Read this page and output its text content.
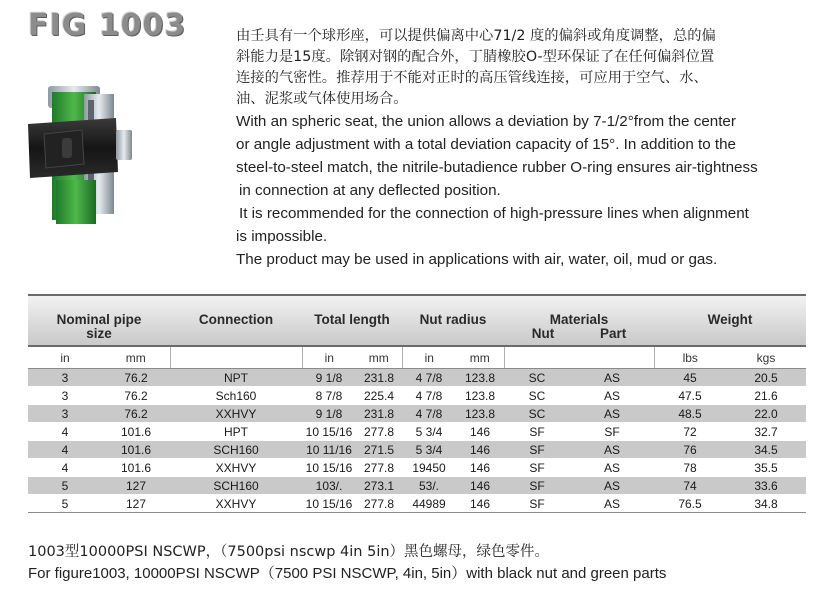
FIG 1003	由壬具有一个球形座，可以提供偏离中心71/2 度的偏斜或角度调整，总的偏
斜能力是15度。除钢对钢的配合外，丁腈橡胶O-型环保证了在任何偏斜位置
连接的气密性。推荐用于不能对正时的高压管线连接，可应用于空气、水、
油、泥浆或气体使用场合。
With an spheric seat, the union allows a deviation by 7-1/2°from the center
or angle adjustment with a total deviation capacity of 15°. In addition to the
steel-to-steel match, the nitrile-butadience rubber O-ring ensures air-tightness
in connection at any deflected position.
It is recommended for the connection of high-pressure lines when alignment
is impossible.
The product may be used in applications with air, water, oil, mud or gas.
Nominal pipe
size		Connection	Total length		Nut radius		Materials
Nut Part		Weight	

in	mm		in	mm	in	mm			lbs	kgs
3	76.2	NPT	9 1/8	231.8	4 7/8	123.8	SC	AS	45	20.5
3	76.2	Sch160	8 7/8	225.4	4 7/8	123.8	SC	AS	47.5	21.6
3	76.2	XXHVY	9 1/8	231.8	4 7/8	123.8	SC	AS	48.5	22.0
4	101.6	HPT	10 15/16	277.8	5 3/4	146	SF	SF	72	32.7
4	101.6	SCH160	10 11/16	271.5	5 3/4	146	SF	AS	76	34.5
4	101.6	XXHVY	10 15/16	277.8	19450	146	SF	AS	78	35.5
5	127	SCH160	103/.	273.1	53/.	146	SF	AS	74	33.6
5	127	XXHVY	10 15/16	277.8	44989	146	SF	AS	76.5	34.8
1003型10000PSI NSCWP，（7500psi nscwp 4in 5in）黑色螺母，绿色零件。
For figure1003, 10000PSI NSCWP（7500 PSI NSCWP, 4in, 5in）with black nut and green parts
